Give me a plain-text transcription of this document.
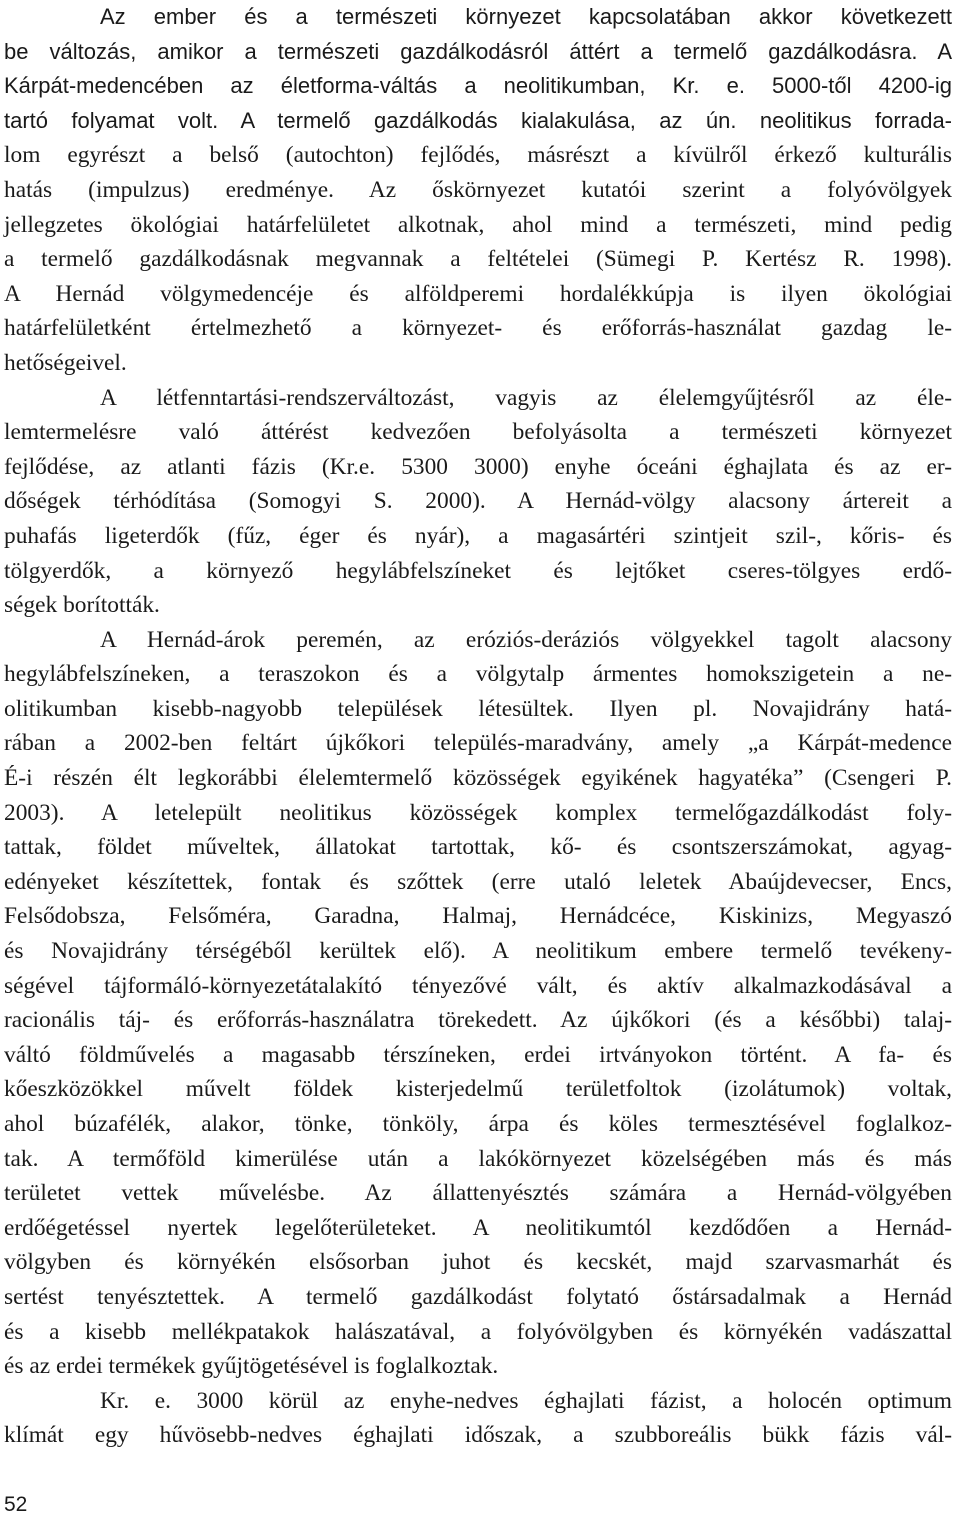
Az ember és a természeti környezet kapcsolatában akkor következett
be változás, amikor a természeti gazdálkodásról áttért a termelő gazdálkodásra. A
Kárpát-medencében az életforma-váltás a neolitikumban, Kr. e. 5000-től 4200-ig
tartó folyamat volt. A termelő gazdálkodás kialakulása, az ún. neolitikus forrada-
lom egyrészt a belső (autochton) fejlődés, másrészt a kívülről érkező kulturális
hatás (impulzus) eredménye. Az őskörnyezet kutatói szerint a folyóvölgyek
jellegzetes ökológiai határfelületet alkotnak, ahol mind a természeti, mind pedig
a termelő gazdálkodásnak megvannak a feltételei (Sümegi P. Kertész R. 1998).
A Hernád völgymedencéje és alföldperemi hordalékkúpja is ilyen ökológiai
határfelületként értelmezhető a környezet- és erőforrás-használat gazdag le-
hetőségeivel.
A létfenntartási-rendszerváltozást, vagyis az élelemgyűjtésről az éle-
lemtermelésre való áttérést kedvezően befolyásolta a természeti környezet
fejlődése, az atlanti fázis (Kr.e. 5300 3000) enyhe óceáni éghajlata és az er-
dőségek térhódítása (Somogyi S. 2000). A Hernád-völgy alacsony ártereit a
puhafás ligeterdők (fűz, éger és nyár), a magasártéri szintjeit szil-, kőris- és
tölgyerdők, a környező hegylábfelszíneket és lejtőket cseres-tölgyes erdő-
ségek borították.
A Hernád-árok peremén, az eróziós-deráziós völgyekkel tagolt alacsony
hegylábfelszíneken, a teraszokon és a völgytalp ármentes homokszigetein a ne-
olitikumban kisebb-nagyobb települések létesültek. Ilyen pl. Novajidrány hatá-
rában a 2002-ben feltárt újkőkori település-maradvány, amely „a Kárpát-medence
É-i részén élt legkorábbi élelemtermelő közösségek egyikének hagyatéka” (Csengeri P.
2003). A letelepült neolitikus közösségek komplex termelőgazdálkodást foly-
tattak, földet műveltek, állatokat tartottak, kő- és csontszerszámokat, agyag-
edényeket készítettek, fontak és szőttek (erre utaló leletek Abaújdevecser, Encs,
Felsődobsza, Felsőméra, Garadna, Halmaj, Hernádcéce, Kiskinizs, Megyaszó
és Novajidrány térségéből kerültek elő). A neolitikum embere termelő tevékeny-
ségével tájformáló-környezetátalakító tényezővé vált, és aktív alkalmazkodásával a
racionális táj- és erőforrás-használatra törekedett. Az újkőkori (és a későbbi) talaj-
váltó földművelés a magasabb térszíneken, erdei irtványokon történt. A fa- és
kőeszközökkel művelt földek kisterjedelmű területfoltok (izolátumok) voltak,
ahol búzafélék, alakor, tönke, tönköly, árpa és köles termesztésével foglalkoz-
tak. A termőföld kimerülése után a lakókörnyezet közelségében más és más
területet vettek művelésbe. Az állattenyésztés számára a Hernád-völgyében
erdőégetéssel nyertek legelőterületeket. A neolitikumtól kezdődően a Hernád-
völgyben és környékén elsősorban juhot és kecskét, majd szarvasmarhát és
sertést tenyésztettek. A termelő gazdálkodást folytató őstársadalmak a Hernád
és a kisebb mellékpatakok halászatával, a folyóvölgyben és környékén vadászattal
és az erdei termékek gyűjtögetésével is foglalkoztak.
Kr. e. 3000 körül az enyhe-nedves éghajlati fázist, a holocén optimum
klímát egy hűvösebb-nedves éghajlati időszak, a szubboreális bükk fázis vál-
52
